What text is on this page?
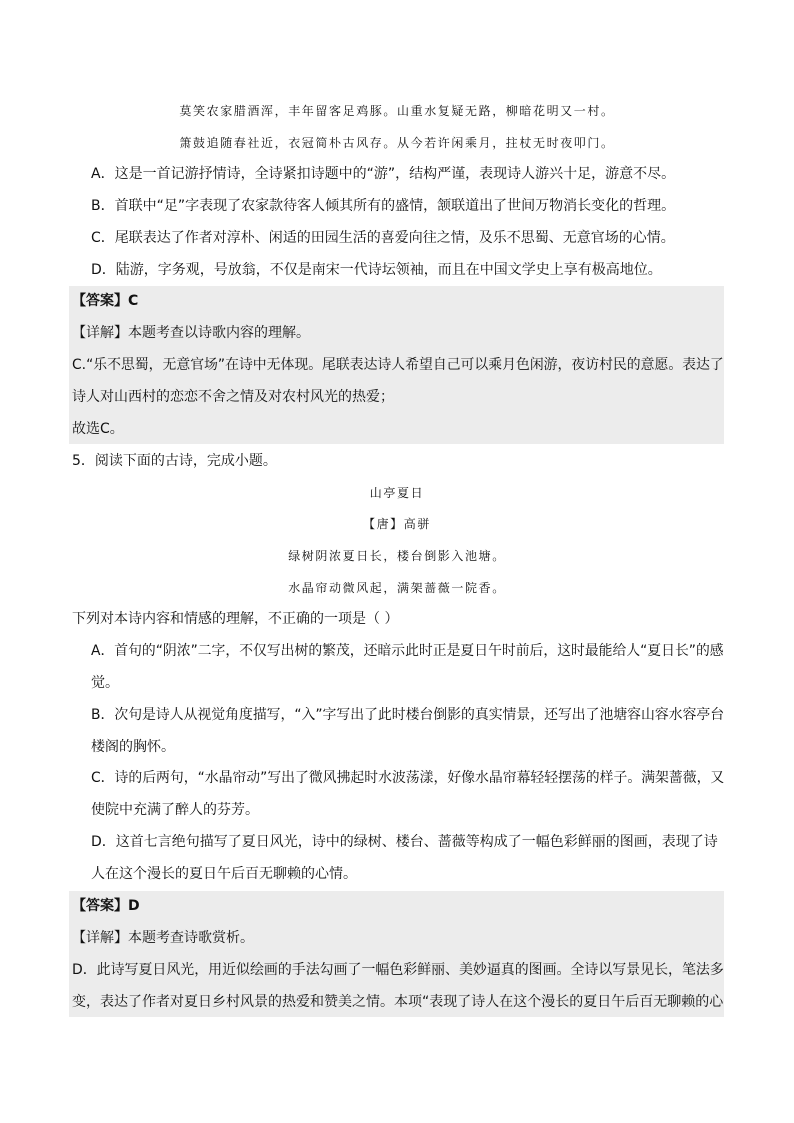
莫笑农家腊酒浑，丰年留客足鸡豚。山重水复疑无路，柳暗花明又一村。
箫鼓追随春社近，衣冠简朴古风存。从今若许闲乘月，拄杖无时夜叩门。
A．这是一首记游抒情诗，全诗紧扣诗题中的“游”，结构严谨，表现诗人游兴十足，游意不尽。
B．首联中“足”字表现了农家款待客人倾其所有的盛情，颔联道出了世间万物消长变化的哲理。
C．尾联表达了作者对淳朴、闲适的田园生活的喜爱向往之情，及乐不思蜀、无意官场的心情。
D．陆游，字务观，号放翁，不仅是南宋一代诗坛领袖，而且在中国文学史上享有极高地位。
【答案】C
【详解】本题考查以诗歌内容的理解。
C.“乐不思蜀，无意官场”在诗中无体现。尾联表达诗人希望自己可以乘月色闲游，夜访村民的意愿。表达了
诗人对山西村的恋恋不舍之情及对农村风光的热爱；
故选C。
5．阅读下面的古诗，完成小题。
山亭夏日
【唐】高骈
绿树阴浓夏日长，楼台倒影入池塘。
水晶帘动微风起，满架蔷薇一院香。
下列对本诗内容和情感的理解，不正确的一项是（ ）
A．首句的“阴浓”二字，不仅写出树的繁茂，还暗示此时正是夏日午时前后，这时最能给人“夏日长”的感
觉。
B．次句是诗人从视觉角度描写，“入”字写出了此时楼台倒影的真实情景，还写出了池塘容山容水容亭台
楼阁的胸怀。
C．诗的后两句，“水晶帘动”写出了微风拂起时水波荡漾，好像水晶帘幕轻轻摆荡的样子。满架蔷薇，又
使院中充满了醉人的芬芳。
D．这首七言绝句描写了夏日风光，诗中的绿树、楼台、蔷薇等构成了一幅色彩鲜丽的图画，表现了诗
人在这个漫长的夏日午后百无聊赖的心情。
【答案】D
【详解】本题考查诗歌赏析。
D．此诗写夏日风光，用近似绘画的手法勾画了一幅色彩鲜丽、美妙逼真的图画。全诗以写景见长，笔法多
变，表达了作者对夏日乡村风景的热爱和赞美之情。本项“表现了诗人在这个漫长的夏日午后百无聊赖的心
